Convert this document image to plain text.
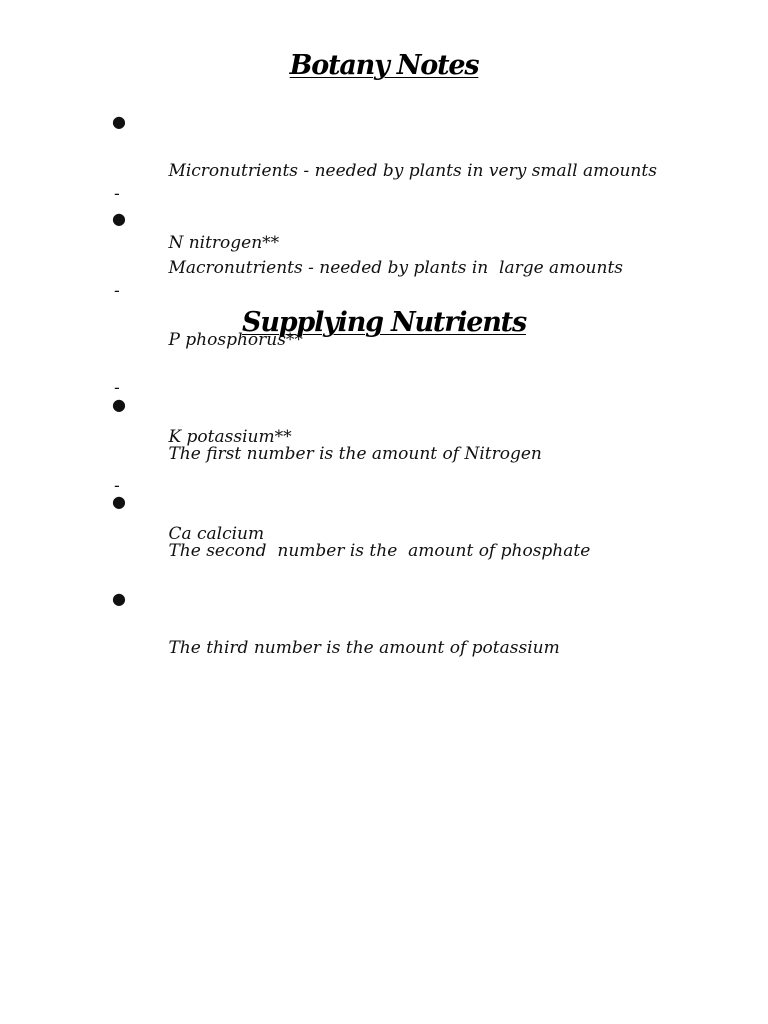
Botany Notes

●

Micronutrients - needed by plants in very small amounts

●

Macronutrients - needed by plants in  large amounts

-

N nitrogen**

-

P phosphorus**

-

K potassium**

-

Ca calcium

Supplying Nutrients

●

The first number is the amount of Nitrogen

●

The second  number is the  amount of phosphate

●

The third number is the amount of potassium
